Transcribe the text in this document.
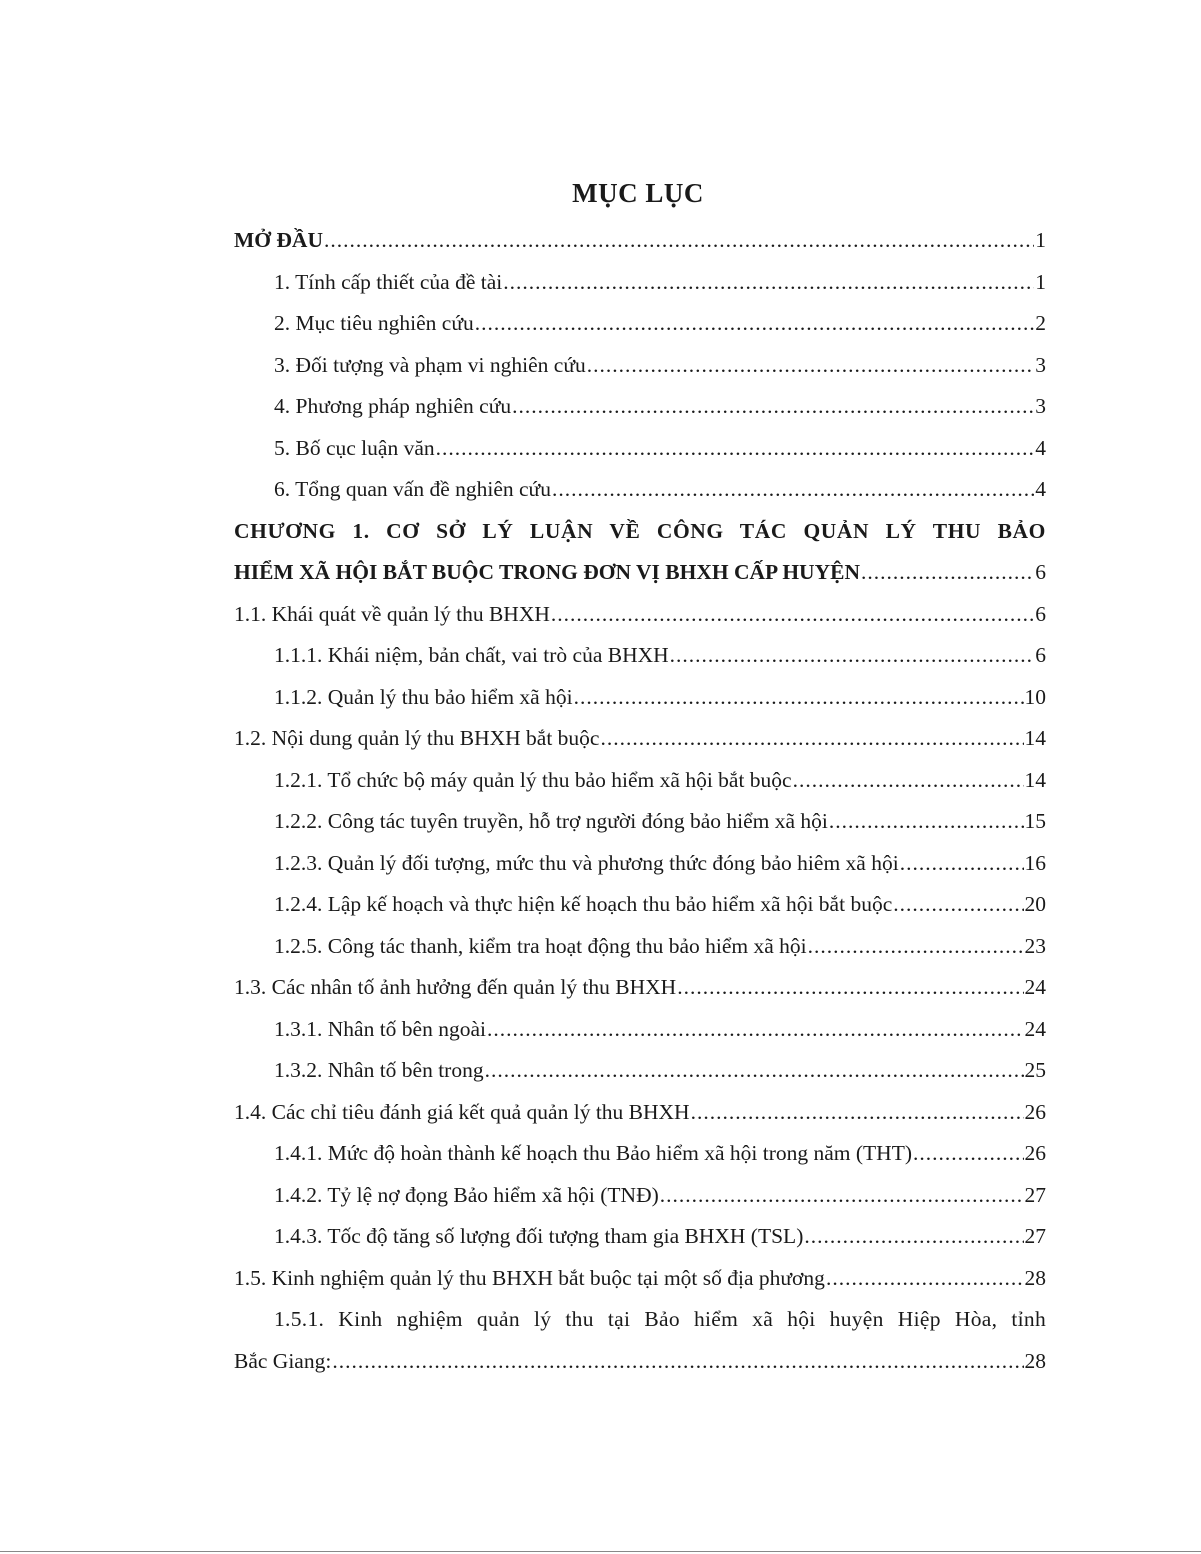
MỤC LỤC
MỞ ĐẦU .....	1
1. Tính cấp thiết của đề tài .....	1
2. Mục tiêu nghiên cứu .....	2
3. Đối tượng và phạm vi nghiên cứu .....	3
4. Phương pháp nghiên cứu .....	3
5. Bố cục luận văn .....	4
6. Tổng quan vấn đề nghiên cứu .....	4
CHƯƠNG 1. CƠ SỞ LÝ LUẬN VỀ CÔNG TÁC QUẢN LÝ THU BẢO
HIỂM XÃ HỘI BẮT BUỘC TRONG ĐƠN VỊ BHXH CẤP HUYỆN .....	6
1.1. Khái quát về quản lý thu BHXH .....	6
1.1.1. Khái niệm, bản chất, vai trò của BHXH .....	6
1.1.2. Quản lý thu bảo hiểm xã hội .....	10
1.2. Nội dung quản lý thu BHXH bắt buộc .....	14
1.2.1. Tổ chức bộ máy quản lý thu bảo hiểm xã hội bắt buộc .....	14
1.2.2. Công tác tuyên truyền, hỗ trợ người đóng bảo hiểm xã hội .....	15
1.2.3. Quản lý đối tượng, mức thu và phương thức đóng bảo hiêm xã hội .....	16
1.2.4. Lập kế hoạch và thực hiện kế hoạch thu bảo hiểm xã hội bắt buộc .....	20
1.2.5. Công tác thanh, kiểm tra hoạt động thu bảo hiểm xã hội .....	23
1.3. Các nhân tố ảnh hưởng đến quản lý thu BHXH .....	24
1.3.1. Nhân tố bên ngoài .....	24
1.3.2. Nhân tố bên trong .....	25
1.4. Các chỉ tiêu đánh giá kết quả quản lý thu BHXH .....	26
1.4.1. Mức độ hoàn thành kế hoạch thu Bảo hiểm xã hội trong năm (THT) .....	26
1.4.2. Tỷ lệ nợ đọng Bảo hiểm xã hội (TNĐ) .....	27
1.4.3. Tốc độ tăng số lượng đối tượng tham gia BHXH (TSL) .....	27
1.5. Kinh nghiệm quản lý thu BHXH bắt buộc tại một số địa phương .....	28
1.5.1. Kinh nghiệm quản lý thu tại Bảo hiểm xã hội huyện Hiệp Hòa, tỉnh
Bắc Giang: .....	28
